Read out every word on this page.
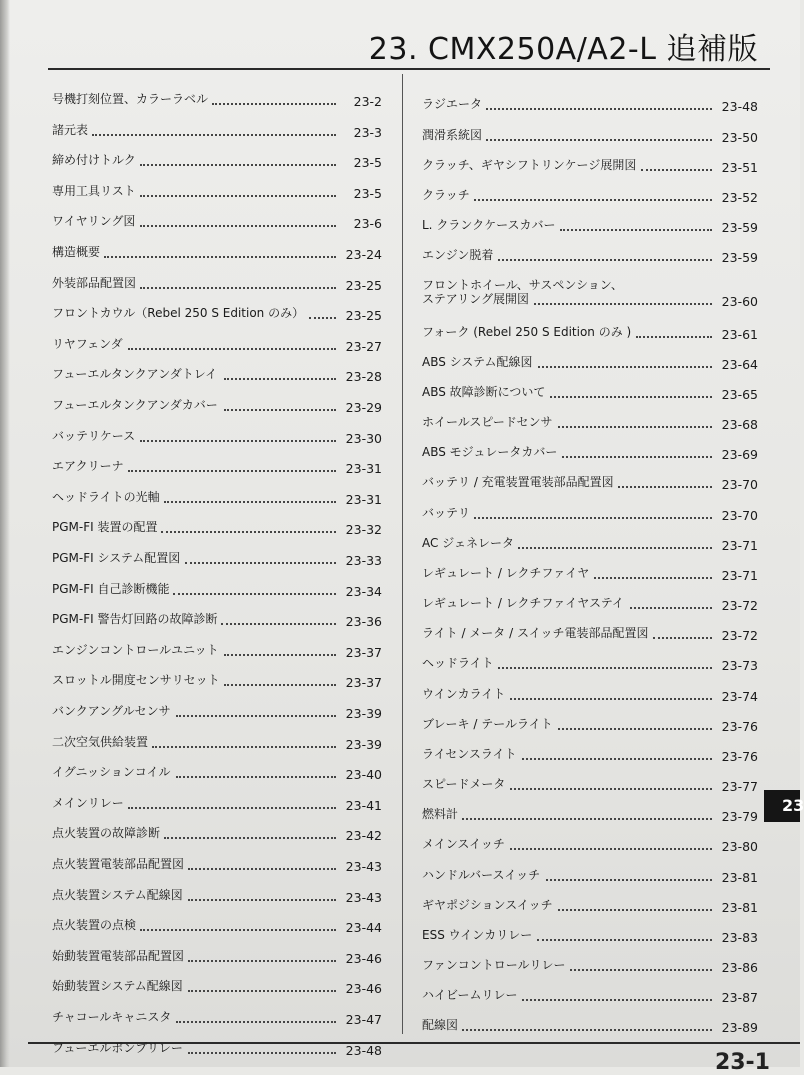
23. CMX250A/A2-L 追補版
号機打刻位置、カラーラベル	23-2
諸元表	23-3
締め付けトルク	23-5
専用工具リスト	23-5
ワイヤリング図	23-6
構造概要	23-24
外装部品配置図	23-25
フロントカウル（Rebel 250 S Edition のみ）	23-25
リヤフェンダ	23-27
フューエルタンクアンダトレイ	23-28
フューエルタンクアンダカバー	23-29
バッテリケース	23-30
エアクリーナ	23-31
ヘッドライトの光軸	23-31
PGM-FI 装置の配置	23-32
PGM-FI システム配置図	23-33
PGM-FI 自己診断機能	23-34
PGM-FI 警告灯回路の故障診断	23-36
エンジンコントロールユニット	23-37
スロットル開度センサリセット	23-37
バンクアングルセンサ	23-39
二次空気供給装置	23-39
イグニッションコイル	23-40
メインリレー	23-41
点火装置の故障診断	23-42
点火装置電装部品配置図	23-43
点火装置システム配線図	23-43
点火装置の点検	23-44
始動装置電装部品配置図	23-46
始動装置システム配線図	23-46
チャコールキャニスタ	23-47
フューエルポンプリレー	23-48
ラジエータ	23-48
潤滑系統図	23-50
クラッチ、ギヤシフトリンケージ展開図	23-51
クラッチ	23-52
L. クランクケースカバー	23-59
エンジン脱着	23-59
フロントホイール、サスペンション、
ステアリング展開図	23-60
フォーク (Rebel 250 S Edition のみ )	23-61
ABS システム配線図	23-64
ABS 故障診断について	23-65
ホイールスピードセンサ	23-68
ABS モジュレータカバー	23-69
バッテリ / 充電装置電装部品配置図	23-70
バッテリ	23-70
AC ジェネレータ	23-71
レギュレート / レクチファイヤ	23-71
レギュレート / レクチファイヤステイ	23-72
ライト / メータ / スイッチ電装部品配置図	23-72
ヘッドライト	23-73
ウインカライト	23-74
ブレーキ / テールライト	23-76
ライセンスライト	23-76
スピードメータ	23-77
燃料計	23-79
メインスイッチ	23-80
ハンドルバースイッチ	23-81
ギヤポジションスイッチ	23-81
ESS ウインカリレー	23-83
ファンコントロールリレー	23-86
ハイビームリレー	23-87
配線図	23-89
23
23-1
